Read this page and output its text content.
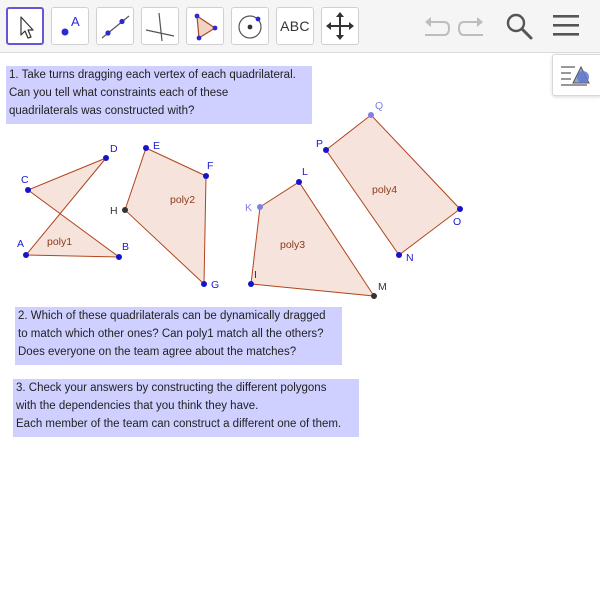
A	ABC
1. Take turns dragging each vertex of each quadrilateral.
Can you tell what constraints each of these
quadrilaterals was constructed with?
2. Which of these quadrilaterals can be dynamically dragged
to match which other ones? Can poly1 match all the others?
Does everyone on the team agree about the matches?
3. Check your answers by constructing the different polygons
with the dependencies that you think they have.
Each member of the team can construct a different one of them.
poly1
poly2
poly3
poly4
A	B
C
D	E
F
G
H	K
L
M
I
P
Q
O
N
